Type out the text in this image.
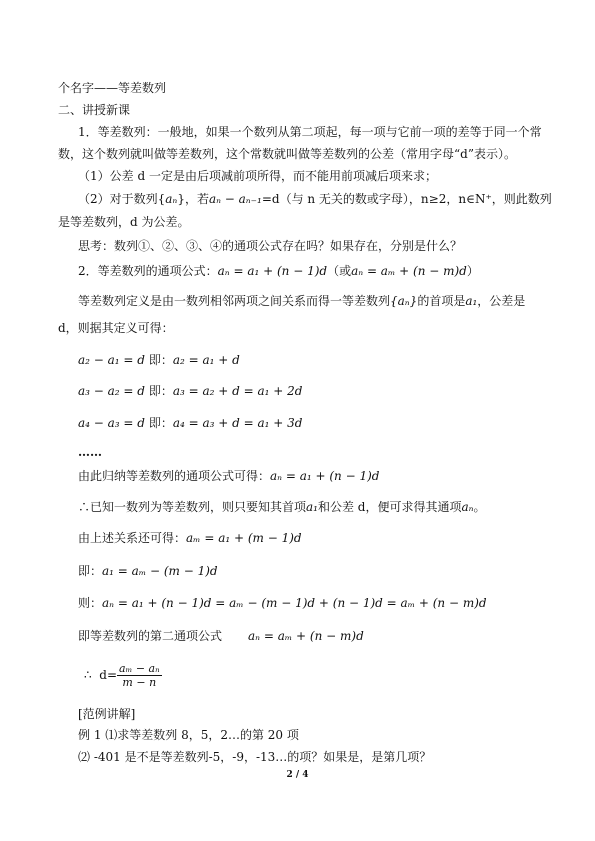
个名字——等差数列
二、讲授新课
1．等差数列：一般地，如果一个数列从第二项起，每一项与它前一项的差等于同一个常
数，这个数列就叫做等差数列，这个常数就叫做等差数列的公差（常用字母“d”表示）。
（1）公差 d 一定是由后项减前项所得，而不能用前项减后项来求；
（2）对于数列{aₙ}，若aₙ − aₙ₋₁=d（与 n 无关的数或字母），n≥2，n∈N⁺，则此数列
是等差数列，d 为公差。
思考：数列①、②、③、④的通项公式存在吗？如果存在，分别是什么？
2．等差数列的通项公式：aₙ = a₁ + (n − 1)d（或aₙ = aₘ + (n − m)d）
等差数列定义是由一数列相邻两项之间关系而得一等差数列{aₙ}的首项是a₁，公差是
d，则据其定义可得：
a₂ − a₁ = d 即：a₂ = a₁ + d
a₃ − a₂ = d 即：a₃ = a₂ + d = a₁ + 2d
a₄ − a₃ = d 即：a₄ = a₃ + d = a₁ + 3d
……
由此归纳等差数列的通项公式可得：aₙ = a₁ + (n − 1)d
∴已知一数列为等差数列，则只要知其首项a₁和公差 d，便可求得其通项aₙ。
由上述关系还可得：aₘ = a₁ + (m − 1)d
即：a₁ = aₘ − (m − 1)d
则：aₙ = a₁ + (n − 1)d = aₘ − (m − 1)d + (n − 1)d = aₘ + (n − m)d
即等差数列的第二通项公式 aₙ = aₘ + (n − m)d
∴ $d= \frac{\text{aₘ − aₙ}}{m - n}$
[范例讲解]
例 1 ⑴求等差数列 8，5，2…的第 20 项
⑵ -401 是不是等差数列-5，-9，-13…的项？如果是，是第几项？
2 / 4
